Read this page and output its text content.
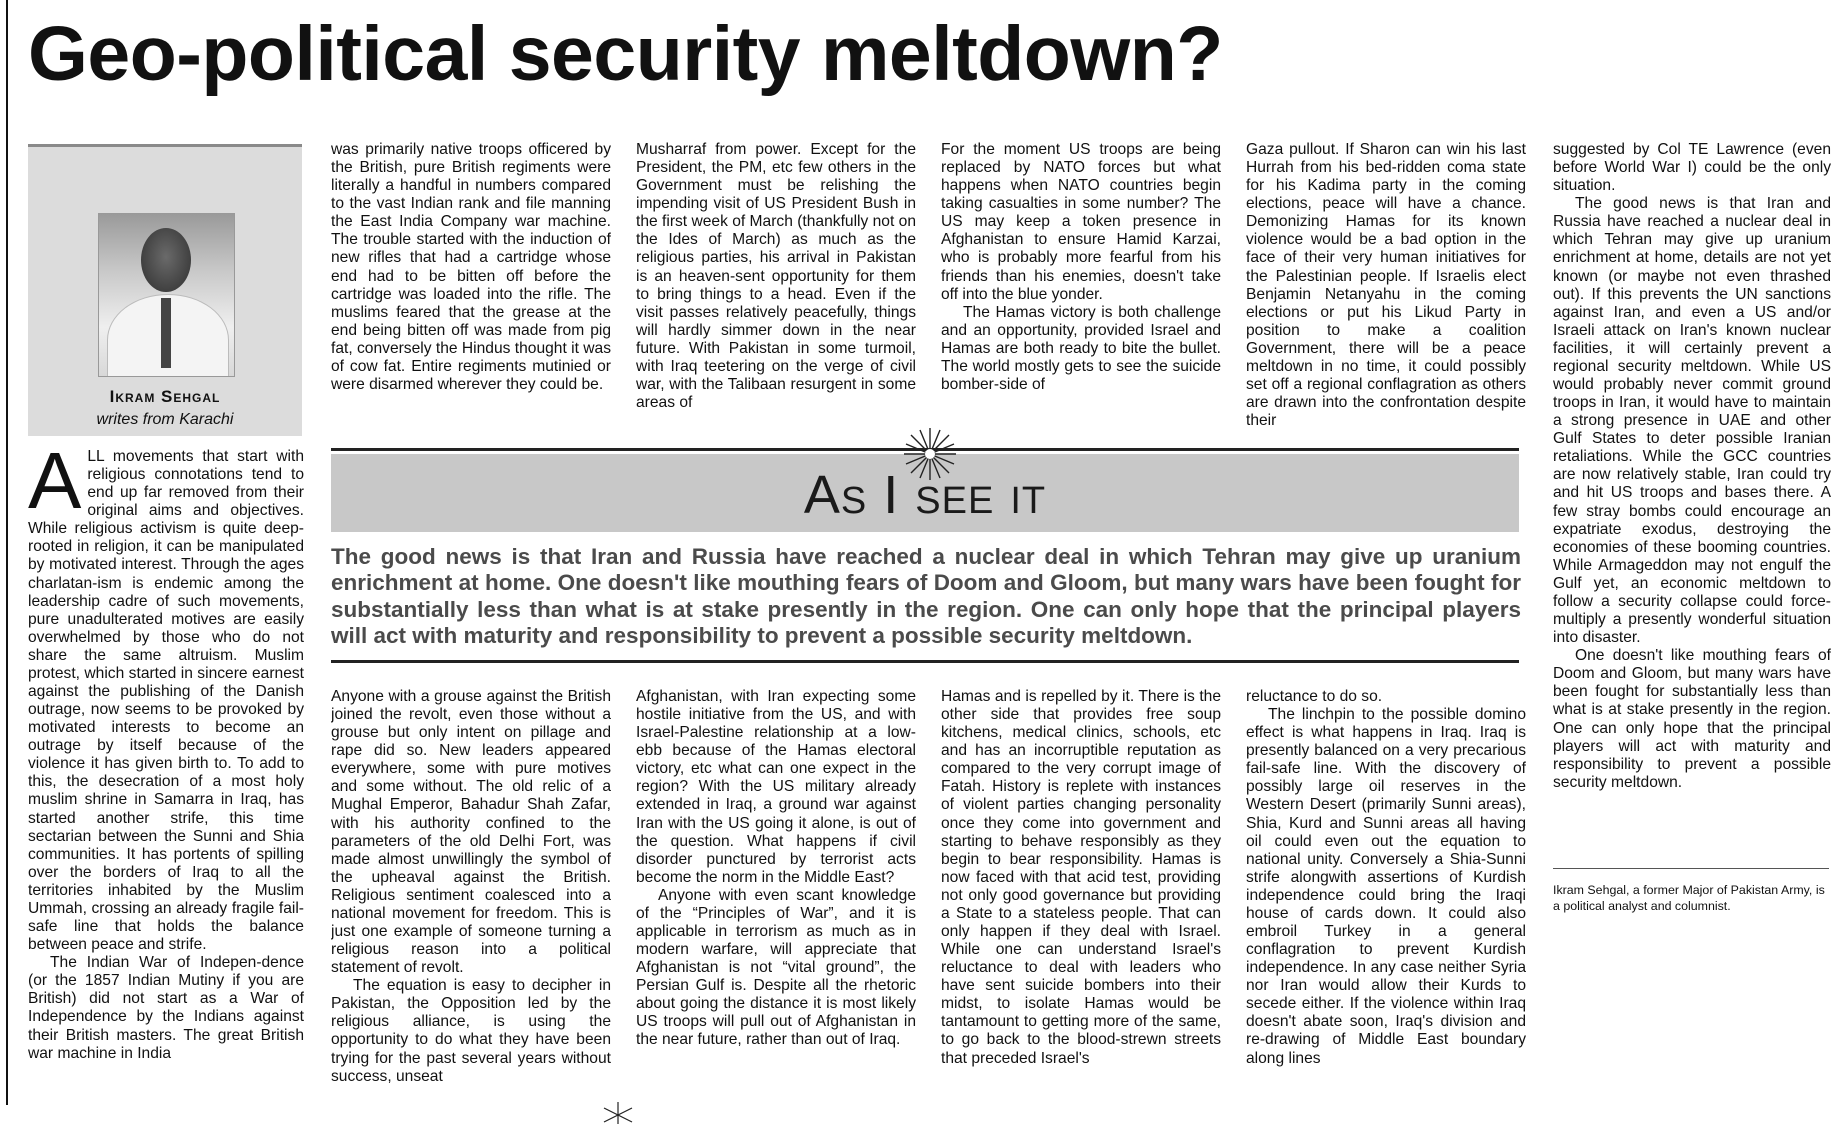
Geo-political security meltdown?

Ikram Sehgal

writes from Karachi

ALL movements that start with religious connotations tend to end up far removed from their original aims and objectives. While religious activism is quite deep-rooted in religion, it can be manipulated by motivated interest. Through the ages charlatan-ism is endemic among the leadership cadre of such movements, pure unadulterated motives are easily overwhelmed by those who do not share the same altruism. Muslim protest, which started in sincere earnest against the publishing of the Danish outrage, now seems to be provoked by motivated interests to become an outrage by itself because of the violence it has given birth to. To add to this, the desecration of a most holy muslim shrine in Samarra in Iraq, has started another strife, this time sectarian between the Sunni and Shia communities. It has portents of spilling over the borders of Iraq to all the territories inhabited by the Muslim Ummah, crossing an already fragile fail-safe line that holds the balance between peace and strife.

The Indian War of Indepen-dence (or the 1857 Indian Mutiny if you are British) did not start as a War of Independence by the Indians against their British masters. The great British war machine in India

was primarily native troops officered by the British, pure British regiments were literally a handful in numbers compared to the vast Indian rank and file manning the East India Company war machine. The trouble started with the induction of new rifles that had a cartridge whose end had to be bitten off before the cartridge was loaded into the rifle. The muslims feared that the grease at the end being bitten off was made from pig fat, conversely the Hindus thought it was of cow fat. Entire regiments mutinied or were disarmed wherever they could be.

Musharraf from power. Except for the President, the PM, etc few others in the Government must be relishing the impending visit of US President Bush in the first week of March (thankfully not on the Ides of March) as much as the religious parties, his arrival in Pakistan is an heaven-sent opportunity for them to bring things to a head. Even if the visit passes relatively peacefully, things will hardly simmer down in the near future. With Pakistan in some turmoil, with Iraq teetering on the verge of civil war, with the Talibaan resurgent in some areas of

For the moment US troops are being replaced by NATO forces but what happens when NATO countries begin taking casualties in some number? The US may keep a token presence in Afghanistan to ensure Hamid Karzai, who is probably more fearful from his friends than his enemies, doesn't take off into the blue yonder.

The Hamas victory is both challenge and an opportunity, provided Israel and Hamas are both ready to bite the bullet. The world mostly gets to see the suicide bomber-side of

Gaza pullout. If Sharon can win his last Hurrah from his bed-ridden coma state for his Kadima party in the coming elections, peace will have a chance. Demonizing Hamas for its known violence would be a bad option in the face of their very human initiatives for the Palestinian people. If Israelis elect Benjamin Netanyahu in the coming elections or put his Likud Party in position to make a coalition Government, there will be a peace meltdown in no time, it could possibly set off a regional conflagration as others are drawn into the confrontation despite their

suggested by Col TE Lawrence (even before World War I) could be the only situation.

The good news is that Iran and Russia have reached a nuclear deal in which Tehran may give up uranium enrichment at home, details are not yet known (or maybe not even thrashed out). If this prevents the UN sanctions against Iran, and even a US and/or Israeli attack on Iran's known nuclear facilities, it will certainly prevent a regional security meltdown. While US would probably never commit ground troops in Iran, it would have to maintain a strong presence in UAE and other Gulf States to deter possible Iranian retaliations. While the GCC countries are now relatively stable, Iran could try and hit US troops and bases there. A few stray bombs could encourage an expatriate exodus, destroying the economies of these booming countries. While Armageddon may not engulf the Gulf yet, an economic meltdown to follow a security collapse could force-multiply a presently wonderful situation into disaster.

One doesn't like mouthing fears of Doom and Gloom, but many wars have been fought for substantially less than what is at stake presently in the region. One can only hope that the principal players will act with maturity and responsibility to prevent a possible security meltdown.

As I see it

The good news is that Iran and Russia have reached a nuclear deal in which Tehran may give up uranium enrichment at home. One doesn't like mouthing fears of Doom and Gloom, but many wars have been fought for substantially less than what is at stake presently in the region. One can only hope that the principal players will act with maturity and responsibility to prevent a possible security meltdown.

Anyone with a grouse against the British joined the revolt, even those without a grouse but only intent on pillage and rape did so. New leaders appeared everywhere, some with pure motives and some without. The old relic of a Mughal Emperor, Bahadur Shah Zafar, with his authority confined to the parameters of the old Delhi Fort, was made almost unwillingly the symbol of the upheaval against the British. Religious sentiment coalesced into a national movement for freedom. This is just one example of someone turning a religious reason into a political statement of revolt.

The equation is easy to decipher in Pakistan, the Opposition led by the religious alliance, is using the opportunity to do what they have been trying for the past several years without success, unseat

Afghanistan, with Iran expecting some hostile initiative from the US, and with Israel-Palestine relationship at a low-ebb because of the Hamas electoral victory, etc what can one expect in the region? With the US military already extended in Iraq, a ground war against Iran with the US going it alone, is out of the question. What happens if civil disorder punctured by terrorist acts become the norm in the Middle East?

Anyone with even scant knowledge of the “Principles of War”, and it is applicable in terrorism as much as in modern warfare, will appreciate that Afghanistan is not “vital ground”, the Persian Gulf is. Despite all the rhetoric about going the distance it is most likely US troops will pull out of Afghanistan in the near future, rather than out of Iraq.

Hamas and is repelled by it. There is the other side that provides free soup kitchens, medical clinics, schools, etc and has an incorruptible reputation as compared to the very corrupt image of Fatah. History is replete with instances of violent parties changing personality once they come into government and starting to behave responsibly as they begin to bear responsibility. Hamas is now faced with that acid test, providing not only good governance but providing a State to a stateless people. That can only happen if they deal with Israel. While one can understand Israel's reluctance to deal with leaders who have sent suicide bombers into their midst, to isolate Hamas would be tantamount to getting more of the same, to go back to the blood-strewn streets that preceded Israel's

reluctance to do so.

The linchpin to the possible domino effect is what happens in Iraq. Iraq is presently balanced on a very precarious fail-safe line. With the discovery of possibly large oil reserves in the Western Desert (primarily Sunni areas), Shia, Kurd and Sunni areas all having oil could even out the equation to national unity. Conversely a Shia-Sunni strife alongwith assertions of Kurdish independence could bring the Iraqi house of cards down. It could also embroil Turkey in a general conflagration to prevent Kurdish independence. In any case neither Syria nor Iran would allow their Kurds to secede either. If the violence within Iraq doesn't abate soon, Iraq's division and re-drawing of Middle East boundary along lines

Ikram Sehgal, a former Major of Pakistan Army, is a political analyst and columnist.
